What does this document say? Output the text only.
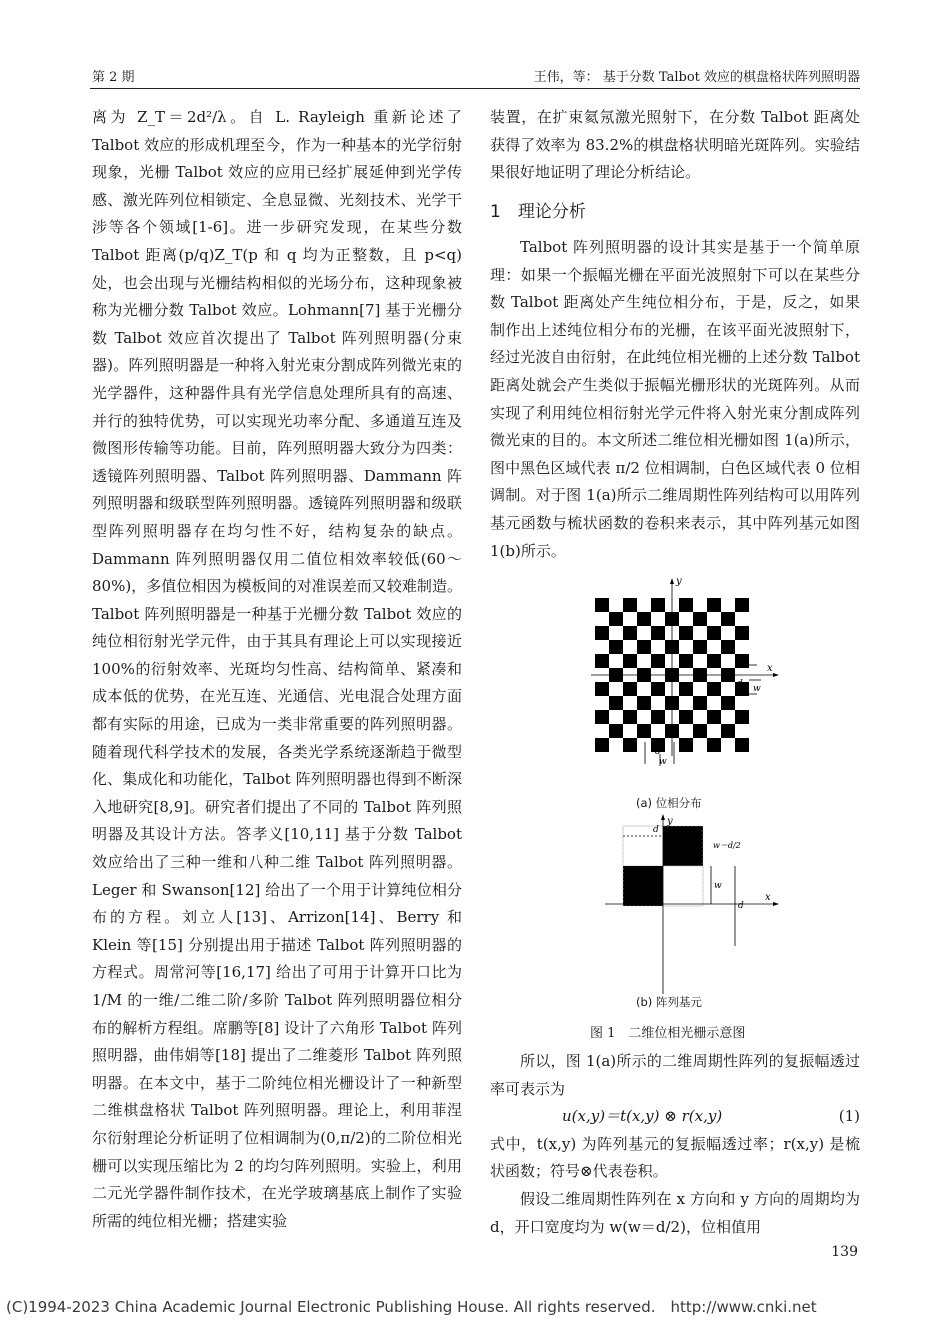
第 2 期	王伟，等： 基于分数 Talbot 效应的棋盘格状阵列照明器

离为 Z_T＝2d²/λ。自 L. Rayleigh 重新论述了 Talbot 效应的形成机理至今，作为一种基本的光学衍射现象，光栅 Talbot 效应的应用已经扩展延伸到光学传感、激光阵列位相锁定、全息显微、光刻技术、光学干涉等各个领域[1-6]。进一步研究发现，在某些分数 Talbot 距离(p/q)Z_T(p 和 q 均为正整数，且 p<q)处，也会出现与光栅结构相似的光场分布，这种现象被称为光栅分数 Talbot 效应。Lohmann[7] 基于光栅分数 Talbot 效应首次提出了 Talbot 阵列照明器(分束器)。阵列照明器是一种将入射光束分割成阵列微光束的光学器件，这种器件具有光学信息处理所具有的高速、并行的独特优势，可以实现光功率分配、多通道互连及微图形传输等功能。目前，阵列照明器大致分为四类：透镜阵列照明器、Talbot 阵列照明器、Dammann 阵列照明器和级联型阵列照明器。透镜阵列照明器和级联型阵列照明器存在均匀性不好，结构复杂的缺点。Dammann 阵列照明器仅用二值位相效率较低(60～80%)，多值位相因为模板间的对准误差而又较难制造。Talbot 阵列照明器是一种基于光栅分数 Talbot 效应的纯位相衍射光学元件，由于其具有理论上可以实现接近 100%的衍射效率、光斑均匀性高、结构简单、紧凑和成本低的优势，在光互连、光通信、光电混合处理方面都有实际的用途，已成为一类非常重要的阵列照明器。随着现代科学技术的发展，各类光学系统逐渐趋于微型化、集成化和功能化，Talbot 阵列照明器也得到不断深入地研究[8,9]。研究者们提出了不同的 Talbot 阵列照明器及其设计方法。答孝义[10,11] 基于分数 Talbot 效应给出了三种一维和八种二维 Talbot 阵列照明器。Leger 和 Swanson[12] 给出了一个用于计算纯位相分布的方程。刘立人[13]、Arrizon[14]、Berry 和 Klein 等[15] 分别提出用于描述 Talbot 阵列照明器的方程式。周常河等[16,17] 给出了可用于计算开口比为 1/M 的一维/二维二阶/多阶 Talbot 阵列照明器位相分布的解析方程组。席鹏等[8] 设计了六角形 Talbot 阵列照明器，曲伟娟等[18] 提出了二维菱形 Talbot 阵列照明器。在本文中，基于二阶纯位相光栅设计了一种新型二维棋盘格状 Talbot 阵列照明器。理论上，利用菲涅尔衍射理论分析证明了位相调制为(0,π/2)的二阶位相光栅可以实现压缩比为 2 的均匀阵列照明。实验上，利用二元光学器件制作技术，在光学玻璃基底上制作了实验所需的纯位相光栅；搭建实验

装置，在扩束氦氖激光照射下，在分数 Talbot 距离处获得了效率为 83.2%的棋盘格状明暗光斑阵列。实验结果很好地证明了理论分析结论。

1　理论分析

Talbot 阵列照明器的设计其实是基于一个简单原理：如果一个振幅光栅在平面光波照射下可以在某些分数 Talbot 距离处产生纯位相分布，于是，反之，如果制作出上述纯位相分布的光栅，在该平面光波照射下，经过光波自由衍射，在此纯位相光栅的上述分数 Talbot 距离处就会产生类似于振幅光栅形状的光斑阵列。从而实现了利用纯位相衍射光学元件将入射光束分割成阵列微光束的目的。本文所述二维位相光栅如图 1(a)所示，图中黑色区域代表 π/2 位相调制，白色区域代表 0 位相调制。对于图 1(a)所示二维周期性阵列结构可以用阵列基元函数与梳状函数的卷积来表示，其中阵列基元如图 1(b)所示。

y
x
d w
d
w
y
x
d
w	w＝d/2
w
d
(a) 位相分布
(b) 阵列基元
图 1　二维位相光栅示意图

所以，图 1(a)所示的二维周期性阵列的复振幅透过率可表示为

u(x,y)＝t(x,y) ⊗ r(x,y)	(1)

式中，t(x,y) 为阵列基元的复振幅透过率；r(x,y) 是梳状函数；符号⊗代表卷积。

假设二维周期性阵列在 x 方向和 y 方向的周期均为 d，开口宽度均为 w(w＝d/2)，位相值用

139
(C)1994-2023 China Academic Journal Electronic Publishing House. All rights reserved.　http://www.cnki.net
